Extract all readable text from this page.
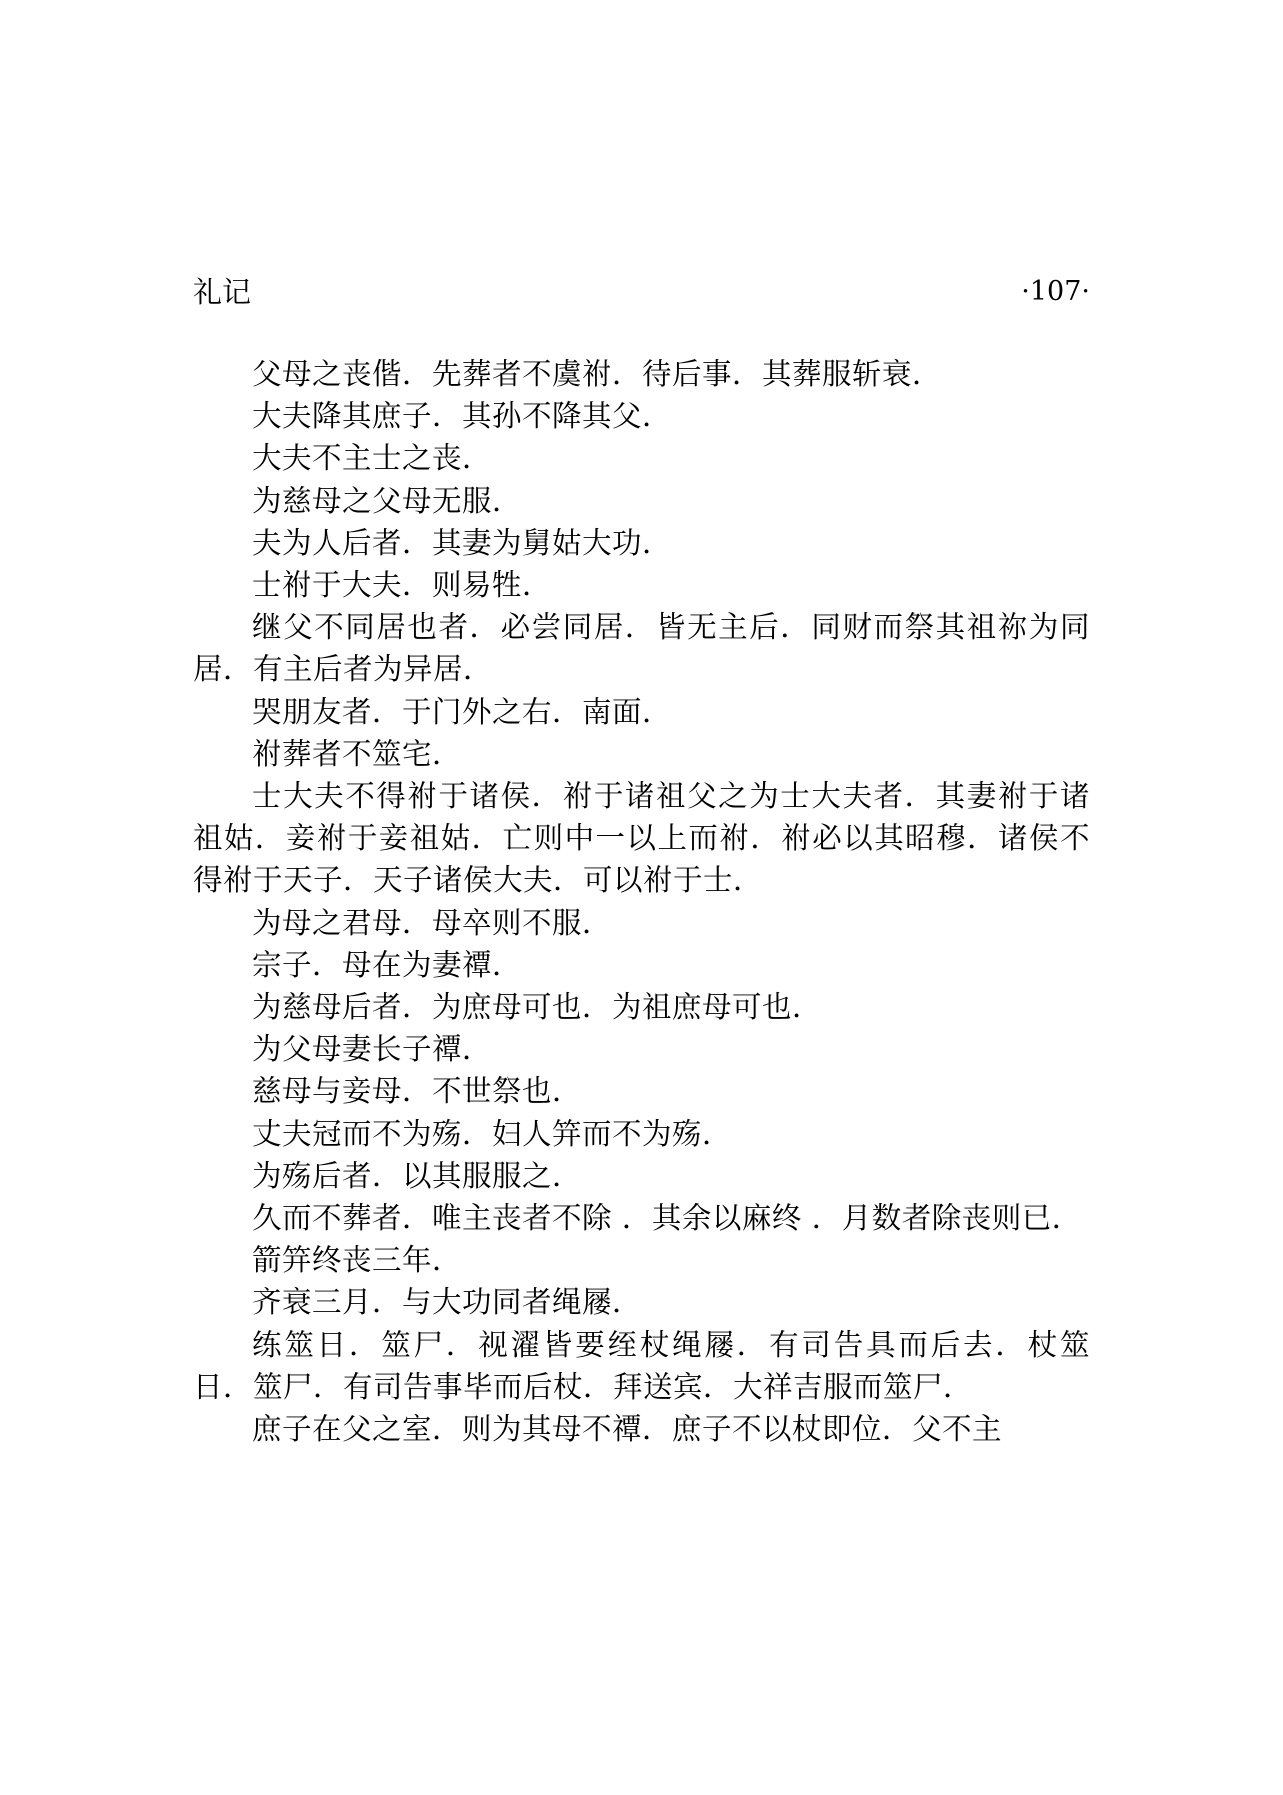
礼记	·107·

父母之丧偕．先葬者不虞祔．待后事．其葬服斩衰．

大夫降其庶子．其孙不降其父．

大夫不主士之丧．

为慈母之父母无服．

夫为人后者．其妻为舅姑大功．

士祔于大夫．则易牲．

继父不同居也者．必尝同居．皆无主后．同财而祭其祖祢为同居．有主后者为异居．

哭朋友者．于门外之右．南面．

祔葬者不筮宅．

士大夫不得祔于诸侯．祔于诸祖父之为士大夫者．其妻祔于诸祖姑．妾祔于妾祖姑．亡则中一以上而祔．祔必以其昭穆．诸侯不得祔于天子．天子诸侯大夫．可以祔于士．

为母之君母．母卒则不服．

宗子．母在为妻禫．

为慈母后者．为庶母可也．为祖庶母可也．

为父母妻长子禫．

慈母与妾母．不世祭也．

丈夫冠而不为殇．妇人笄而不为殇．

为殇后者．以其服服之．

久而不葬者．唯主丧者不除 ．其余以麻终 ．月数者除丧则已．

箭笄终丧三年．

齐衰三月．与大功同者绳屦．

练筮日．筮尸．视濯皆要绖杖绳屦．有司告具而后去．杖筮日．筮尸．有司告事毕而后杖．拜送宾．大祥吉服而筮尸．

庶子在父之室．则为其母不禫．庶子不以杖即位．父不主
